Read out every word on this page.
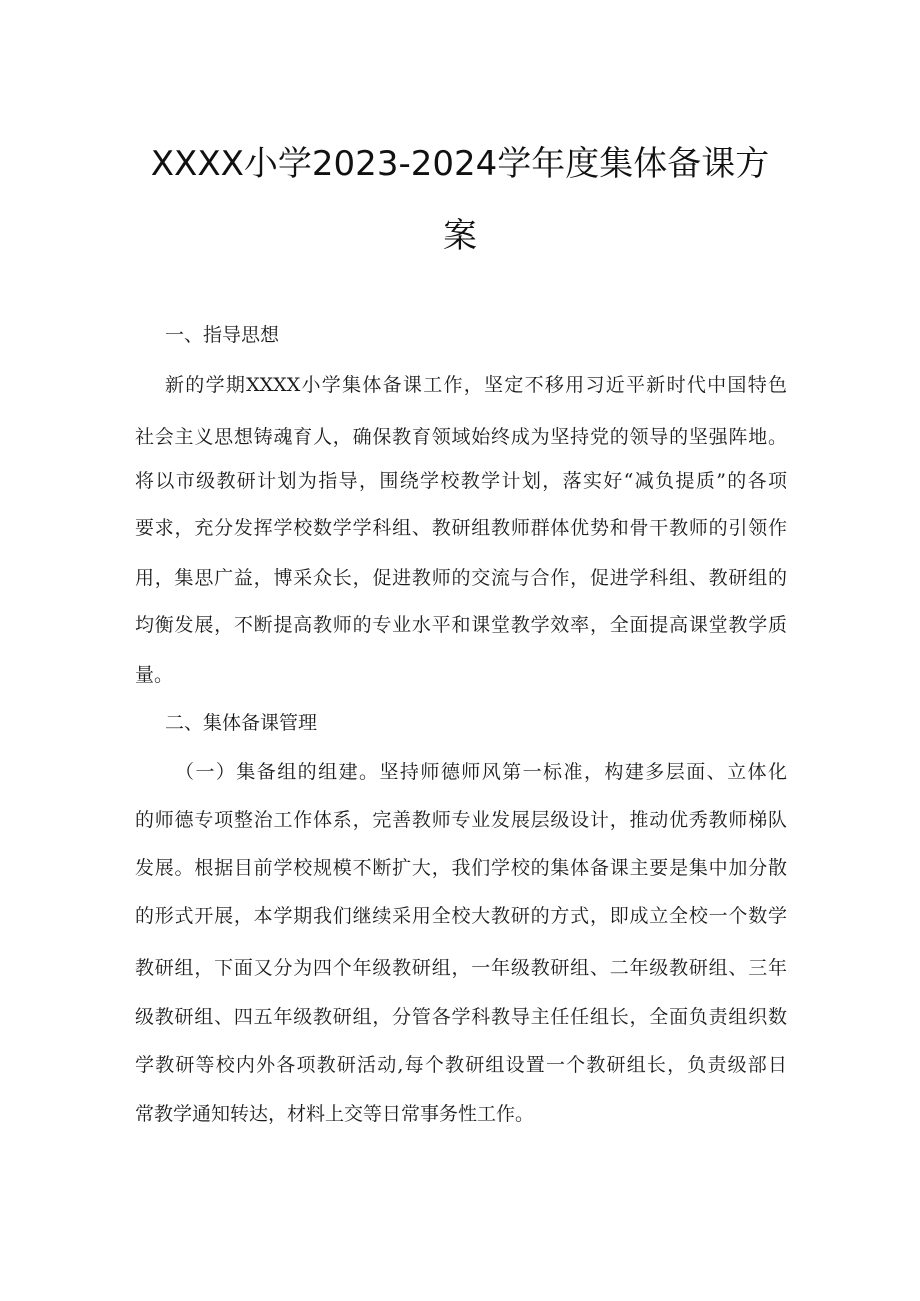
XXXX小学2023-2024学年度集体备课方
案
一、指导思想
新的学期XXXX小学集体备课工作，坚定不移用习近平新时代中国特色
社会主义思想铸魂育人，确保教育领域始终成为坚持党的领导的坚强阵地。
将以市级教研计划为指导，围绕学校教学计划，落实好“减负提质”的各项
要求，充分发挥学校数学学科组、教研组教师群体优势和骨干教师的引领作
用，集思广益，博采众长，促进教师的交流与合作，促进学科组、教研组的
均衡发展，不断提高教师的专业水平和课堂教学效率，全面提高课堂教学质
量。
二、集体备课管理
（一）集备组的组建。坚持师德师风第一标准，构建多层面、立体化
的师德专项整治工作体系，完善教师专业发展层级设计，推动优秀教师梯队
发展。根据目前学校规模不断扩大，我们学校的集体备课主要是集中加分散
的形式开展，本学期我们继续采用全校大教研的方式，即成立全校一个数学
教研组，下面又分为四个年级教研组，一年级教研组、二年级教研组、三年
级教研组、四五年级教研组，分管各学科教导主任任组长，全面负责组织数
学教研等校内外各项教研活动,每个教研组设置一个教研组长，负责级部日
常教学通知转达，材料上交等日常事务性工作。
